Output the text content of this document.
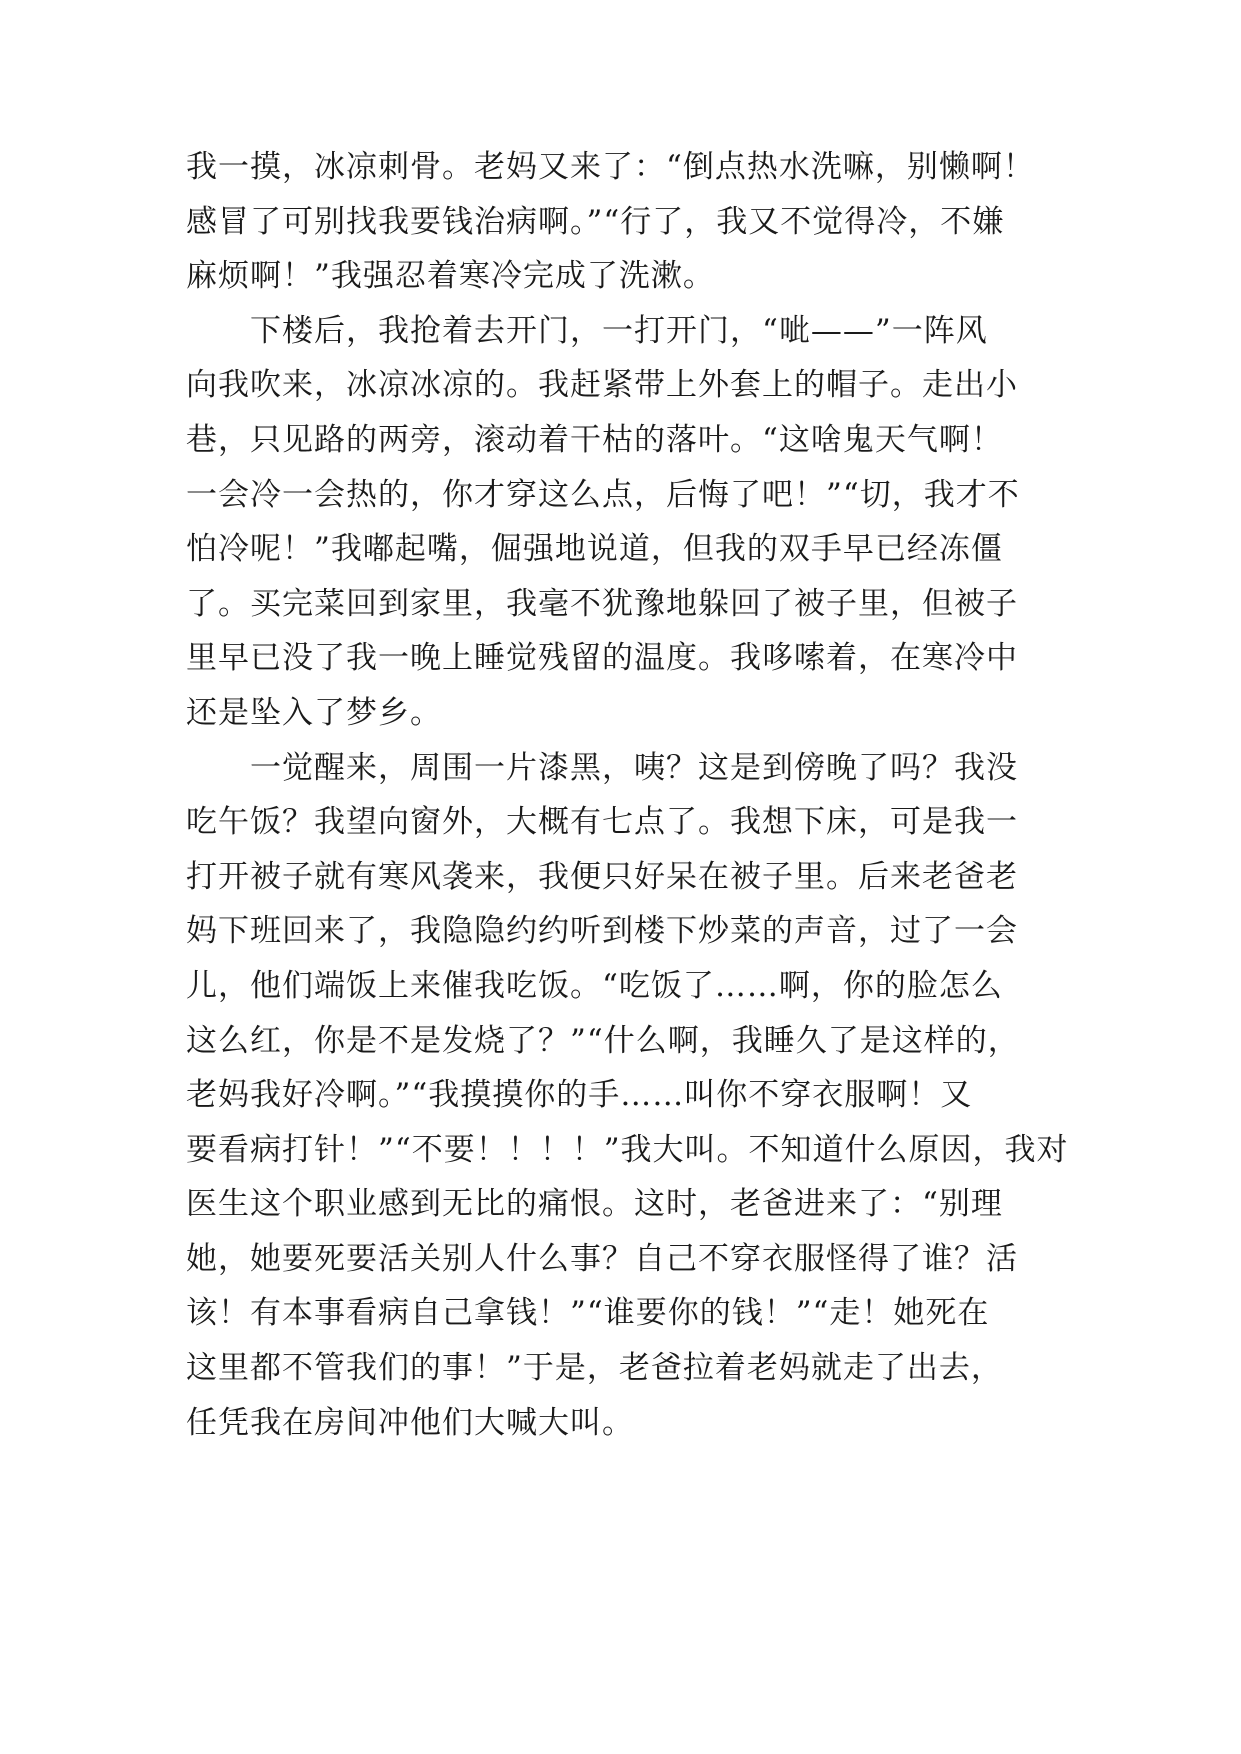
我一摸，冰凉刺骨。老妈又来了：“倒点热水洗嘛，别懒啊！
感冒了可别找我要钱治病啊。”“行了，我又不觉得冷，不嫌
麻烦啊！”我强忍着寒冷完成了洗漱。
下楼后，我抢着去开门，一打开门，“呲——”一阵风
向我吹来，冰凉冰凉的。我赶紧带上外套上的帽子。走出小
巷，只见路的两旁，滚动着干枯的落叶。“这啥鬼天气啊！
一会冷一会热的，你才穿这么点，后悔了吧！”“切，我才不
怕冷呢！”我嘟起嘴，倔强地说道，但我的双手早已经冻僵
了。买完菜回到家里，我毫不犹豫地躲回了被子里，但被子
里早已没了我一晚上睡觉残留的温度。我哆嗦着，在寒冷中
还是坠入了梦乡。
一觉醒来，周围一片漆黑，咦？这是到傍晚了吗？我没
吃午饭？我望向窗外，大概有七点了。我想下床，可是我一
打开被子就有寒风袭来，我便只好呆在被子里。后来老爸老
妈下班回来了，我隐隐约约听到楼下炒菜的声音，过了一会
儿，他们端饭上来催我吃饭。“吃饭了……啊，你的脸怎么
这么红，你是不是发烧了？”“什么啊，我睡久了是这样的，
老妈我好冷啊。”“我摸摸你的手……叫你不穿衣服啊！又
要看病打针！”“不要！！！！”我大叫。不知道什么原因，我对
医生这个职业感到无比的痛恨。这时，老爸进来了：“别理
她，她要死要活关别人什么事？自己不穿衣服怪得了谁？活
该！有本事看病自己拿钱！”“谁要你的钱！”“走！她死在
这里都不管我们的事！”于是，老爸拉着老妈就走了出去，
任凭我在房间冲他们大喊大叫。
